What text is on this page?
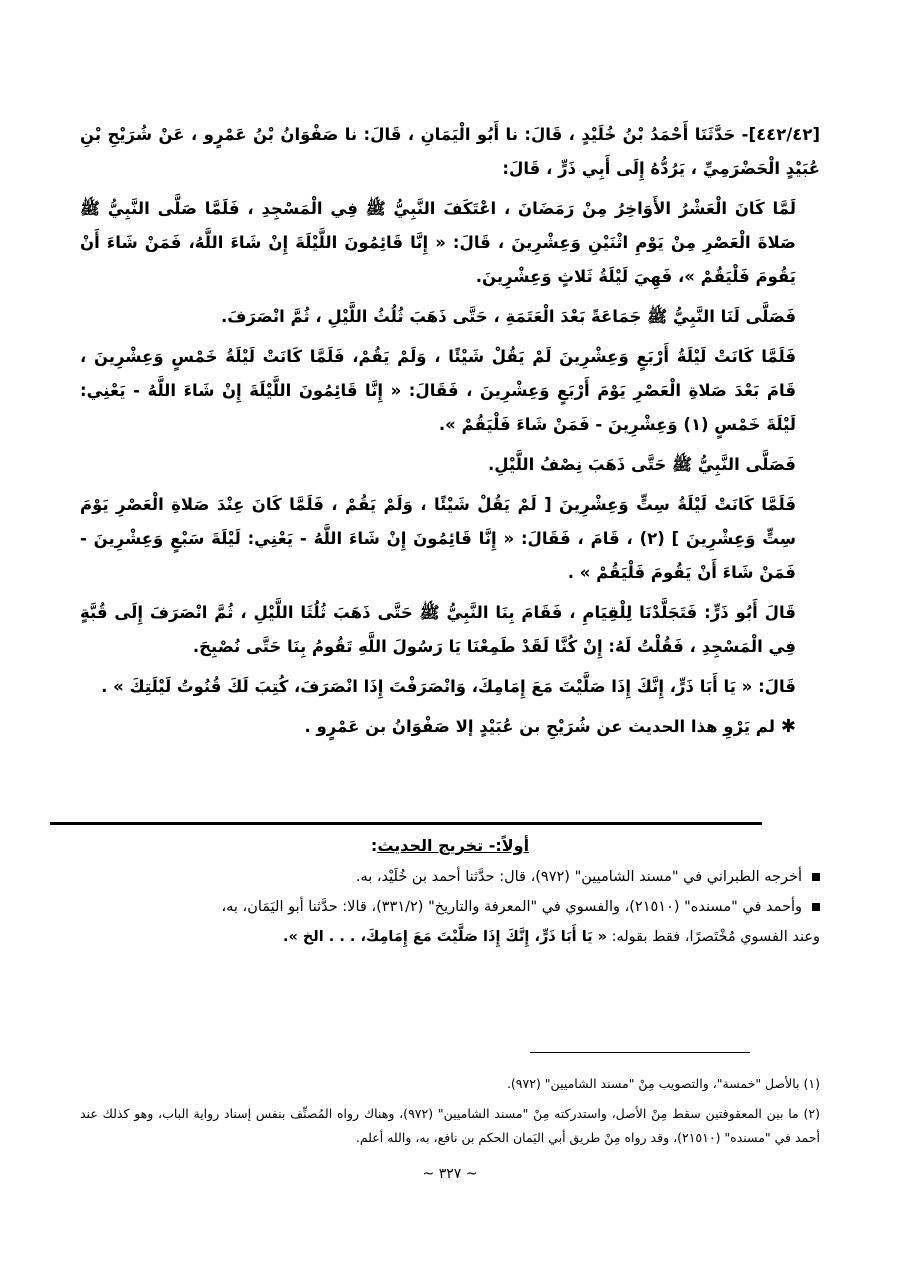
[٤٤٢/٤٢]- حَدَّثَنَا أَحْمَدُ بْنُ خُلَيْدٍ ، قَالَ: نا أَبُو الْيَمَانِ ، قَالَ: نا صَفْوَانُ بْنُ عَمْرٍو ، عَنْ شُرَيْحِ بْنِ عُبَيْدٍ الْحَضْرَمِيِّ ، يَرُدُّهُ إِلَى أَبِي ذَرٍّ ، قَالَ:

لَمَّا كَانَ الْعَشْرُ الأَوَاخِرُ مِنْ رَمَضَانَ ، اعْتَكَفَ النَّبِيُّ ﷺ فِي الْمَسْجِدِ ، فَلَمَّا صَلَّى النَّبِيُّ ﷺ صَلاةَ الْعَصْرِ مِنْ يَوْمِ اثْنَيْنِ وَعِشْرِينَ ، قَالَ: « إِنَّا قَائِمُونَ اللَّيْلَةَ إِنْ شَاءَ اللَّهُ، فَمَنْ شَاءَ أَنْ يَقُومَ فَلْيَقُمْ »، فَهِيَ لَيْلَةُ ثَلاثٍ وَعِشْرِينَ.

فَصَلَّى لَنَا النَّبِيُّ ﷺ جَمَاعَةً بَعْدَ الْعَتَمَةِ ، حَتَّى ذَهَبَ ثُلُثُ اللَّيْلِ ، ثُمَّ انْصَرَفَ.

فَلَمَّا كَانَتْ لَيْلَةُ أَرْبَعٍ وَعِشْرِينَ لَمْ يَقُلْ شَيْئًا ، وَلَمْ يَقُمْ، فَلَمَّا كَانَتْ لَيْلَةُ خَمْسٍ وَعِشْرِينَ ، قَامَ بَعْدَ صَلاةِ الْعَصْرِ يَوْمَ أَرْبَعٍ وَعِشْرِينَ ، فَقَالَ: « إِنَّا قَائِمُونَ اللَّيْلَةَ إِنْ شَاءَ اللَّهُ - يَعْنِي: لَيْلَةَ خَمْسٍ (١) وَعِشْرِينَ - فَمَنْ شَاءَ فَلْيَقُمْ ».

فَصَلَّى النَّبِيُّ ﷺ حَتَّى ذَهَبَ نِصْفُ اللَّيْلِ.

فَلَمَّا كَانَتْ لَيْلَةُ سِتٍّ وَعِشْرِينَ [ لَمْ يَقُلْ شَيْئًا ، وَلَمْ يَقُمْ ، فَلَمَّا كَانَ عِنْدَ صَلاةِ الْعَصْرِ يَوْمَ سِتٍّ وَعِشْرِينَ ] (٢) ، قَامَ ، فَقَالَ: « إِنَّا قَائِمُونَ إِنْ شَاءَ اللَّهُ - يَعْنِي: لَيْلَةَ سَبْعٍ وَعِشْرِينَ - فَمَنْ شَاءَ أَنْ يَقُومَ فَلْيَقُمْ » .

قَالَ أَبُو ذَرٍّ: فَتَجَلَّدْنَا لِلْقِيَامِ ، فَقَامَ بِنَا النَّبِيُّ ﷺ حَتَّى ذَهَبَ ثُلُثَا اللَّيْلِ ، ثُمَّ انْصَرَفَ إِلَى قُبَّةٍ فِي الْمَسْجِدِ ، فَقُلْتُ لَهُ: إِنْ كُنَّا لَقَدْ طَمِعْنَا يَا رَسُولَ اللَّهِ تَقُومُ بِنَا حَتَّى نُصْبِحَ.

قَالَ: « يَا أَبَا ذَرٍّ، إِنَّكَ إِذَا صَلَّيْتَ مَعَ إِمَامِكَ، وَانْصَرَفْتَ إِذَا انْصَرَفَ، كُتِبَ لَكَ قُنُوتُ لَيْلَتِكَ » .

✱لم يَرْوِ هذا الحديث عن شُرَيْحِ بن عُبَيْدٍ إلا صَفْوَانُ بن عَمْرٍو .

أولاً:- تخريج الحديث:
أخرجه الطبراني في "مسند الشاميين" (٩٧٢)، قال: حدَّثنا أحمد بن خُلَيْد، به.
وأحمد في "مسنده" (٢١٥١٠)، والفسوي في "المعرفة والتاريخ" (٣٣١/٢)، قالا: حدَّثنا أبو اليَمَان، به،
وعند الفسوي مُخْتَصرًا، فقط بقوله: « يَا أَبَا ذَرٍّ، إِنَّكَ إِذَا صَلَّيْتَ مَعَ إِمَامِكَ، . . . الخ ».

(١) بالأصل "خمسة"، والتصويب مِنْ "مسند الشاميين" (٩٧٢).

(٢) ما بين المعقوفتين سقط مِنْ الأصل، واستدركته مِنْ "مسند الشاميين" (٩٧٢)، وهناك رواه المُصنِّف بنفس إسناد رواية الباب، وهو كذلك عند أحمد في "مسنده" (٢١٥١٠)، وقد رواه مِنْ طريق أبي اليَمان الحكم بن نافع، به، والله أعلم.

~ ٣٢٧ ~
